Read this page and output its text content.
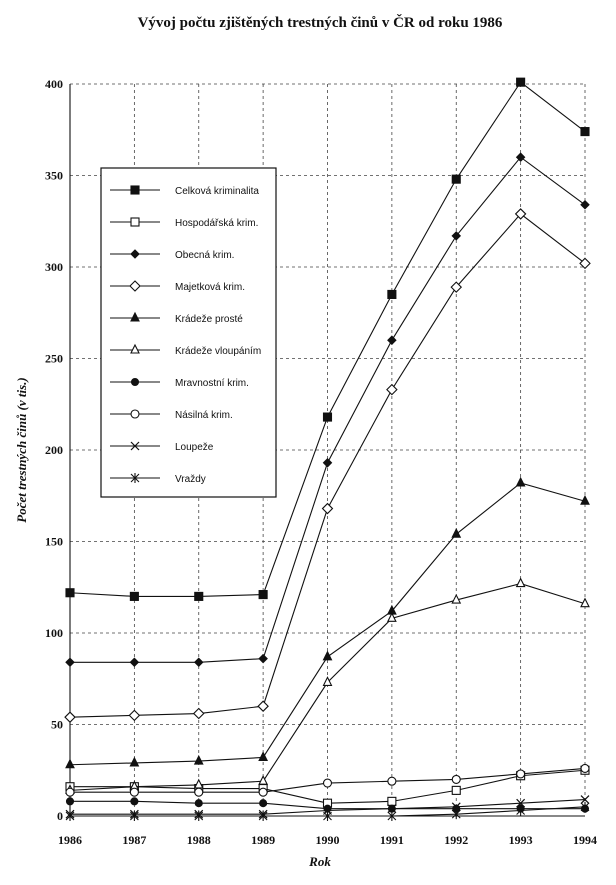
Vývoj počtu zjištěných trestných činů v ČR od roku 1986
0
50
100
150
200
250
300
350
400
1986	1987	1988	1989	1990	1991	1992	1993	1994
Celková kriminalita
Hospodářská krim.
Obecná krim.
Majetková krim.
Krádeže prosté
Krádeže vloupáním
Mravnostní krim.
Násilná krim.
Loupeže
Vraždy
Rok
Počet trestných činů (v tis.)
